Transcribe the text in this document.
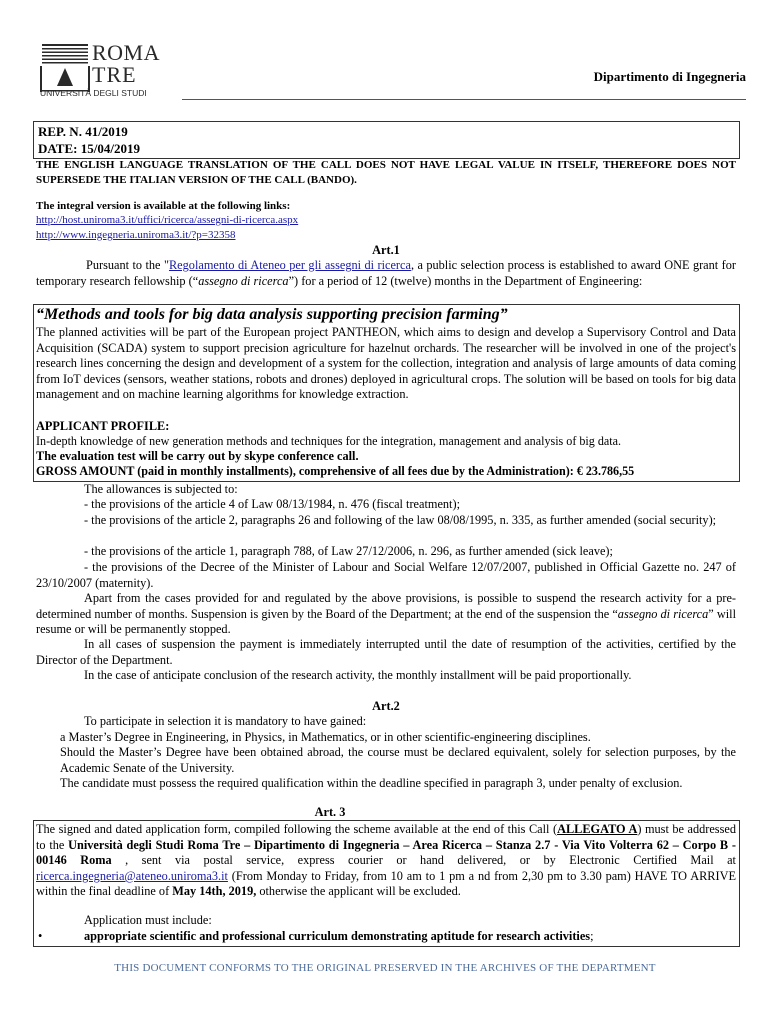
ROMA
TRE
UNIVERSITÀ DEGLI STUDI
Dipartimento di Ingegneria
REP. N. 41/2019
DATE: 15/04/2019
THE ENGLISH LANGUAGE TRANSLATION OF THE CALL DOES NOT HAVE LEGAL VALUE IN ITSELF, THEREFORE DOES NOT SUPERSEDE THE ITALIAN VERSION OF THE CALL (BANDO).
The integral version is available at the following links:
http://host.uniroma3.it/uffici/ricerca/assegni-di-ricerca.aspx
http://www.ingegneria.uniroma3.it/?p=32358
Art.1
Pursuant to the "Regolamento di Ateneo per gli assegni di ricerca, a public selection process is established to award ONE grant for temporary research fellowship (“assegno di ricerca”) for a period of 12 (twelve) months in the Department of Engineering:
“Methods and tools for big data analysis supporting precision farming”
The planned activities will be part of the European project PANTHEON, which aims to design and develop a Supervisory Control and Data Acquisition (SCADA) system to support precision agriculture for hazelnut orchards. The researcher will be involved in one of the project's research lines concerning the design and development of a system for the collection, integration and analysis of large amounts of data coming from IoT devices (sensors, weather stations, robots and drones) deployed in agricultural crops. The solution will be based on tools for big data management and on machine learning algorithms for knowledge extraction.
APPLICANT PROFILE:
In-depth knowledge of new generation methods and techniques for the integration, management and analysis of big data.
The evaluation test will be carry out by skype conference call.
GROSS AMOUNT (paid in monthly installments), comprehensive of all fees due by the Administration): € 23.786,55
The allowances is subjected to:
- the provisions of the article 4 of Law 08/13/1984, n. 476 (fiscal treatment);
- the provisions of the article 2, paragraphs 26 and following of the law 08/08/1995, n. 335, as further amended (social security);
- the provisions of the article 1, paragraph 788, of Law 27/12/2006, n. 296, as further amended (sick leave);
- the provisions of the Decree of the Minister of Labour and Social Welfare 12/07/2007, published in Official Gazette no. 247 of 23/10/2007 (maternity).
Apart from the cases provided for and regulated by the above provisions, is possible to suspend the research activity for a pre-determined number of months. Suspension is given by the Board of the Department; at the end of the suspension the “assegno di ricerca” will resume or will be permanently stopped.
In all cases of suspension the payment is immediately interrupted until the date of resumption of the activities, certified by the Director of the Department.
In the case of anticipate conclusion of the research activity, the monthly installment will be paid proportionally.
Art.2
To participate in selection it is mandatory to have gained:
a Master’s Degree in Engineering, in Physics, in Mathematics, or in other scientific-engineering disciplines.
Should the Master’s Degree have been obtained abroad, the course must be declared equivalent, solely for selection purposes, by the Academic Senate of the University.
The candidate must possess the required qualification within the deadline specified in paragraph 3, under penalty of exclusion.
Art. 3
The signed and dated application form, compiled following the scheme available at the end of this Call (ALLEGATO A) must be addressed to the Università degli Studi Roma Tre – Dipartimento di Ingegneria – Area Ricerca – Stanza 2.7 - Via Vito Volterra 62 – Corpo B - 00146 Roma , sent via postal service, express courier or hand delivered, or by Electronic Certified Mail at ricerca.ingegneria@ateneo.uniroma3.it (From Monday to Friday, from 10 am to 1 pm a nd from 2,30 pm to 3.30 pam) HAVE TO ARRIVE within the final deadline of May 14th, 2019, otherwise the applicant will be excluded.
Application must include:
•	appropriate scientific and professional curriculum demonstrating aptitude for research activities;
THIS DOCUMENT CONFORMS TO THE ORIGINAL PRESERVED IN THE ARCHIVES OF THE DEPARTMENT
